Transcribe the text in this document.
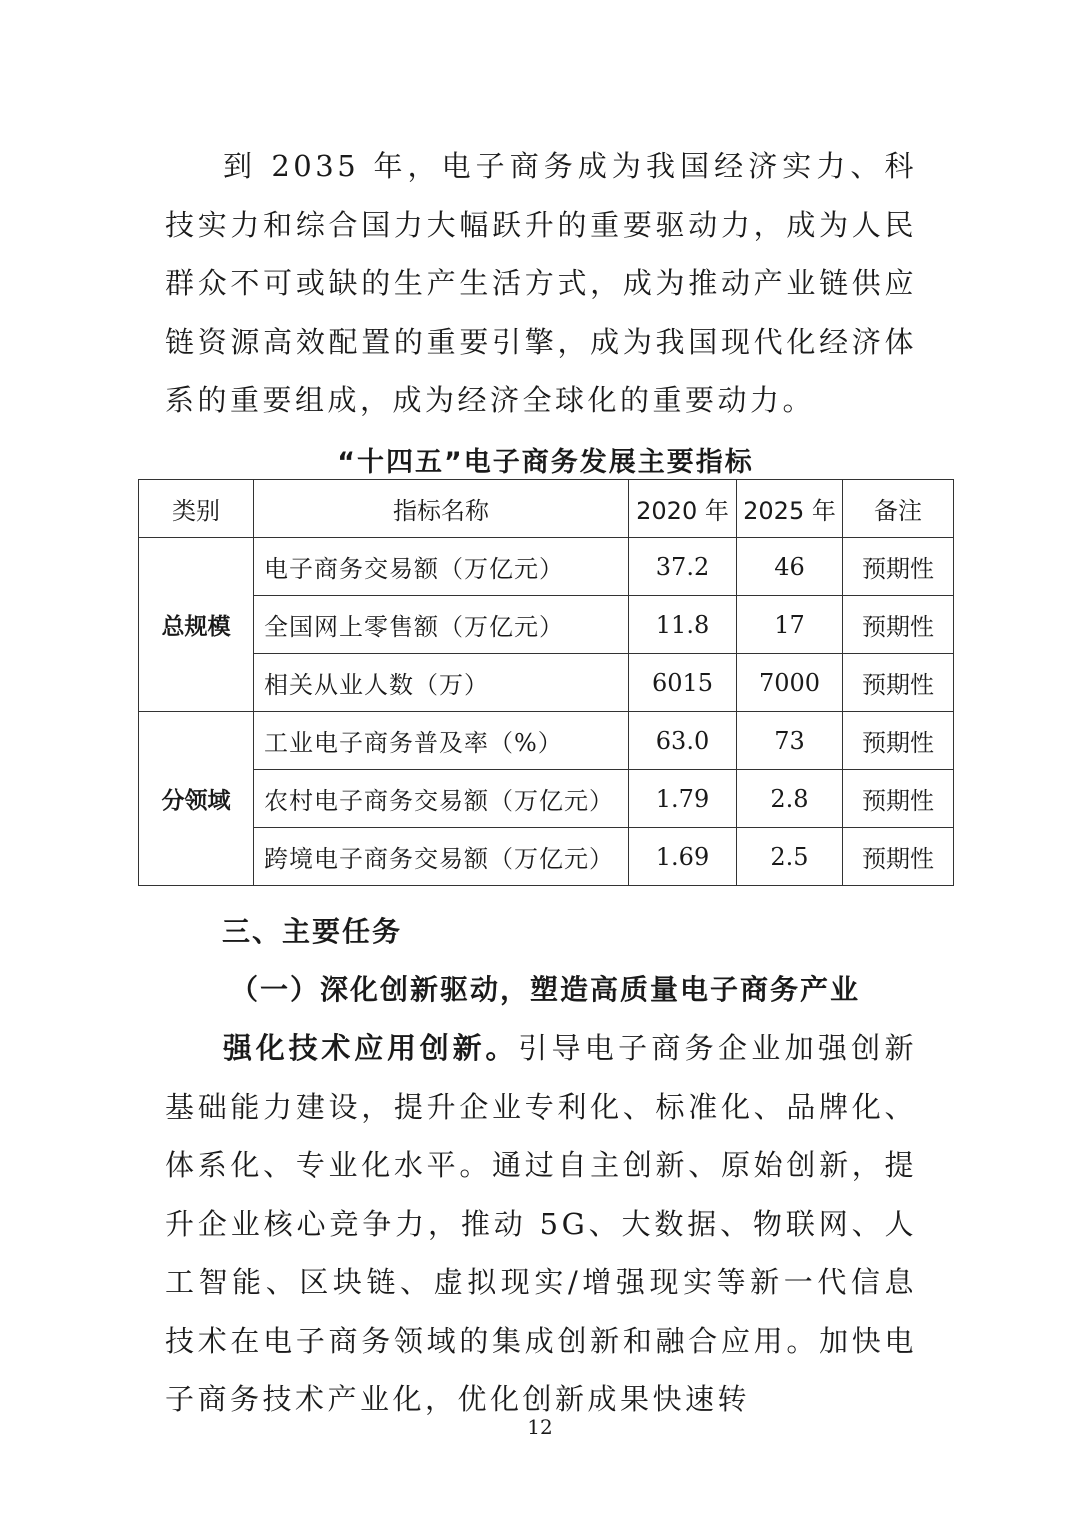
到 2035 年，电子商务成为我国经济实力、科技实力和综合国力大幅跃升的重要驱动力，成为人民群众不可或缺的生产生活方式，成为推动产业链供应链资源高效配置的重要引擎，成为我国现代化经济体系的重要组成，成为经济全球化的重要动力。

“十四五”电子商务发展主要指标
类别	指标名称	2020 年	2025 年	备注
总规模	电子商务交易额（万亿元）	37.2	46	预期性
	全国网上零售额（万亿元）	11.8	17	预期性
	相关从业人数（万）	6015	7000	预期性
分领域	工业电子商务普及率（%）	63.0	73	预期性
	农村电子商务交易额（万亿元）	1.79	2.8	预期性
	跨境电子商务交易额（万亿元）	1.69	2.5	预期性
三、主要任务
（一）深化创新驱动，塑造高质量电子商务产业

强化技术应用创新。引导电子商务企业加强创新基础能力建设，提升企业专利化、标准化、品牌化、体系化、专业化水平。通过自主创新、原始创新，提升企业核心竞争力，推动 5G、大数据、物联网、人工智能、区块链、虚拟现实/增强现实等新一代信息技术在电子商务领域的集成创新和融合应用。加快电子商务技术产业化，优化创新成果快速转

12
